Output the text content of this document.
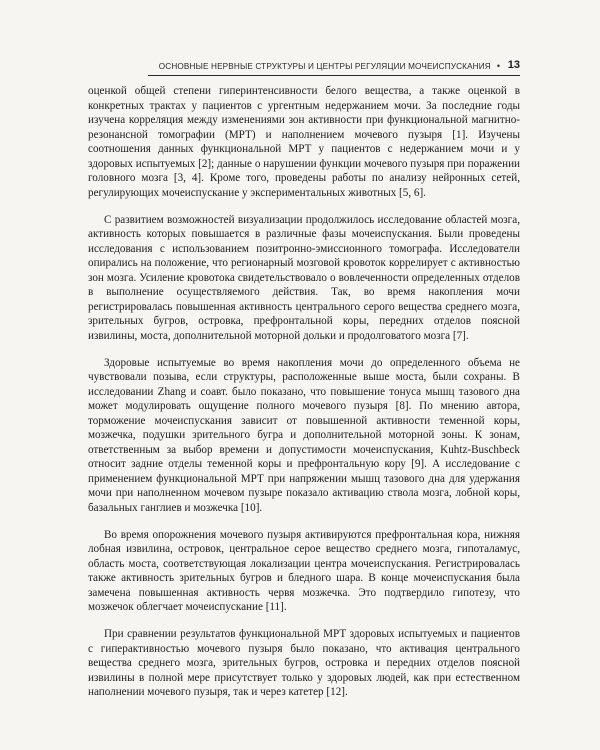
ОСНОВНЫЕ НЕРВНЫЕ СТРУКТУРЫ И ЦЕНТРЫ РЕГУЛЯЦИИ МОЧЕИСПУСКАНИЯ • 13

оценкой общей степени гиперинтенсивности белого вещества, а также оценкой в конкретных трактах у пациентов с ургентным недержанием мочи. За последние годы изучена корреляция между изменениями зон активности при функциональной магнитно-резонансной томографии (МРТ) и наполнением мочевого пузыря [1]. Изучены соотношения данных функциональной МРТ у пациентов с недержанием мочи и у здоровых испытуемых [2]; данные о нарушении функции мочевого пузыря при поражении головного мозга [3, 4]. Кроме того, проведены работы по анализу нейронных сетей, регулирующих мочеиспускание у экспериментальных животных [5, 6].

С развитием возможностей визуализации продолжилось исследование областей мозга, активность которых повышается в различные фазы мочеиспускания. Были проведены исследования с использованием позитронно-эмиссионного томографа. Исследователи опирались на положение, что регионарный мозговой кровоток коррелирует с активностью зон мозга. Усиление кровотока свидетельствовало о вовлеченности определенных отделов в выполнение осуществляемого действия. Так, во время накопления мочи регистрировалась повышенная активность центрального серого вещества среднего мозга, зрительных бугров, островка, префронтальной коры, передних отделов поясной извилины, моста, дополнительной моторной дольки и продолговатого мозга [7].

Здоровые испытуемые во время накопления мочи до определенного объема не чувствовали позыва, если структуры, расположенные выше моста, были сохраны. В исследовании Zhang и соавт. было показано, что повышение тонуса мышц тазового дна может модулировать ощущение полного мочевого пузыря [8]. По мнению автора, торможение мочеиспускания зависит от повышенной активности теменной коры, мозжечка, подушки зрительного бугра и дополнительной моторной зоны. К зонам, ответственным за выбор времени и допустимости мочеиспускания, Kuhtz-Buschbeck относит задние отделы теменной коры и префронтальную кору [9]. А исследование с применением функциональной МРТ при напряжении мышц тазового дна для удержания мочи при наполненном мочевом пузыре показало активацию ствола мозга, лобной коры, базальных ганглиев и мозжечка [10].

Во время опорожнения мочевого пузыря активируются префронтальная кора, нижняя лобная извилина, островок, центральное серое вещество среднего мозга, гипоталамус, область моста, соответствующая локализации центра мочеиспускания. Регистрировалась также активность зрительных бугров и бледного шара. В конце мочеиспускания была замечена повышенная активность червя мозжечка. Это подтвердило гипотезу, что мозжечок облегчает мочеиспускание [11].

При сравнении результатов функциональной МРТ здоровых испытуемых и пациентов с гиперактивностью мочевого пузыря было показано, что активация центрального вещества среднего мозга, зрительных бугров, островка и передних отделов поясной извилины в полной мере присутствует только у здоровых людей, как при естественном наполнении мочевого пузыря, так и через катетер [12].
